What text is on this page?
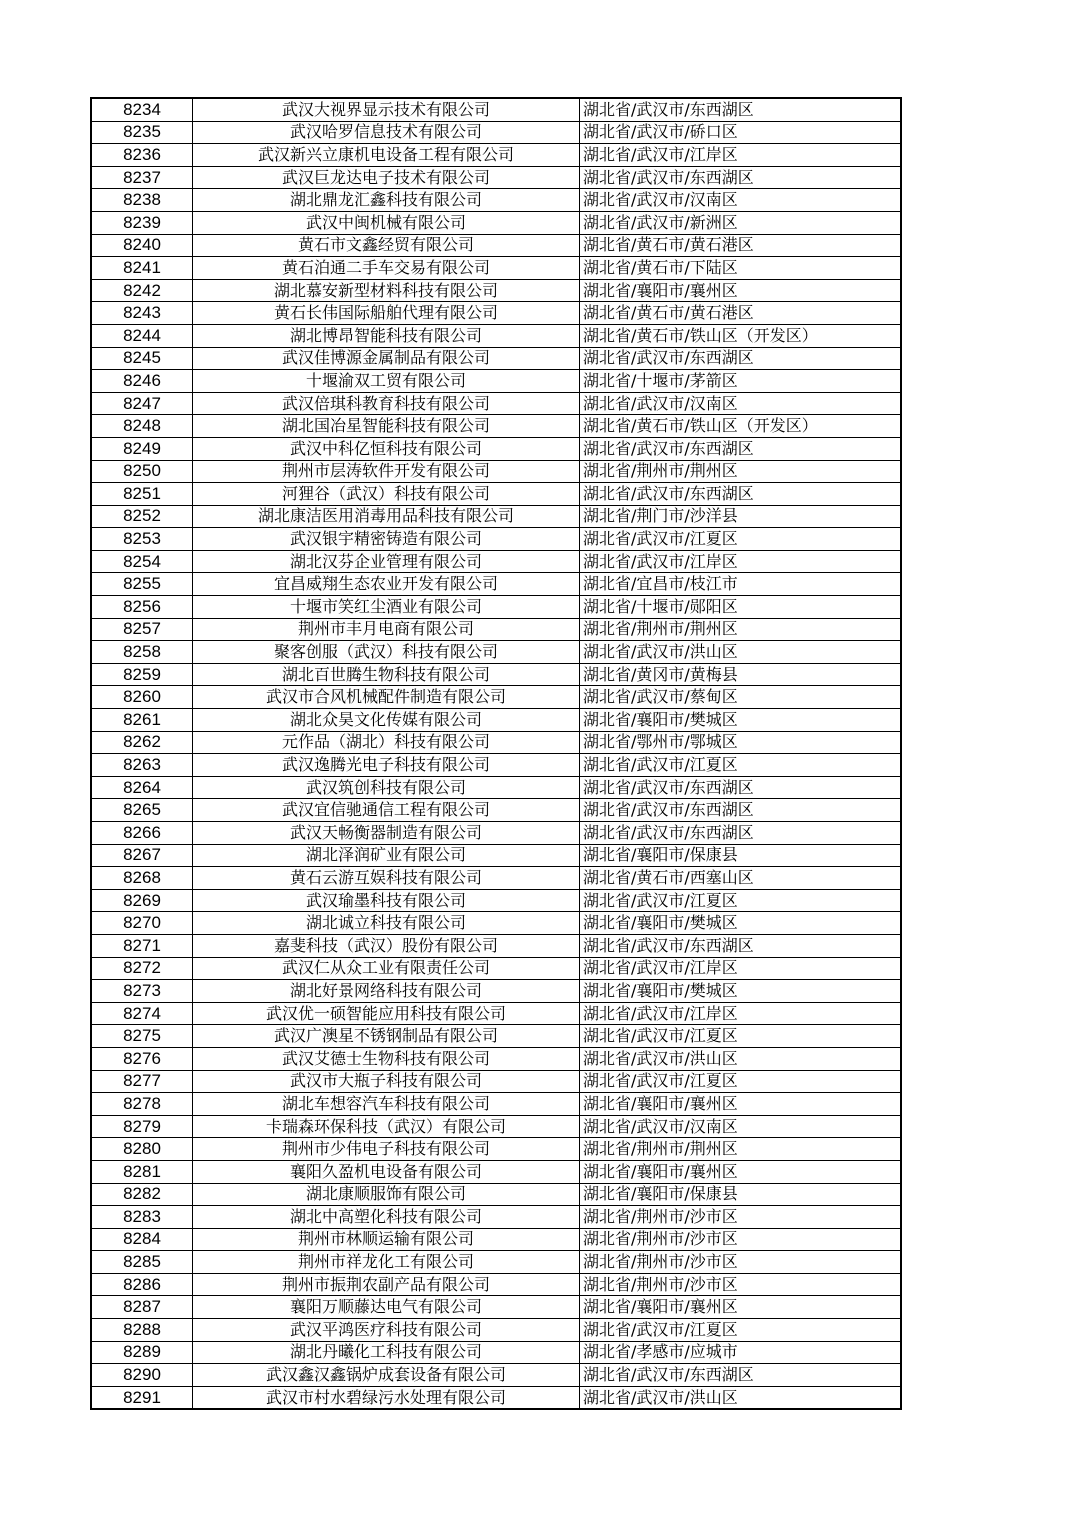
8234	武汉大视界显示技术有限公司	湖北省/武汉市/东西湖区
8235	武汉哈罗信息技术有限公司	湖北省/武汉市/硚口区
8236	武汉新兴立康机电设备工程有限公司	湖北省/武汉市/江岸区
8237	武汉巨龙达电子技术有限公司	湖北省/武汉市/东西湖区
8238	湖北鼎龙汇鑫科技有限公司	湖北省/武汉市/汉南区
8239	武汉中闽机械有限公司	湖北省/武汉市/新洲区
8240	黄石市文鑫经贸有限公司	湖北省/黄石市/黄石港区
8241	黄石泊通二手车交易有限公司	湖北省/黄石市/下陆区
8242	湖北慕安新型材料科技有限公司	湖北省/襄阳市/襄州区
8243	黄石长伟国际船舶代理有限公司	湖北省/黄石市/黄石港区
8244	湖北博昂智能科技有限公司	湖北省/黄石市/铁山区（开发区）
8245	武汉佳博源金属制品有限公司	湖北省/武汉市/东西湖区
8246	十堰渝双工贸有限公司	湖北省/十堰市/茅箭区
8247	武汉倍琪科教育科技有限公司	湖北省/武汉市/汉南区
8248	湖北国冶星智能科技有限公司	湖北省/黄石市/铁山区（开发区）
8249	武汉中科亿恒科技有限公司	湖北省/武汉市/东西湖区
8250	荆州市层涛软件开发有限公司	湖北省/荆州市/荆州区
8251	河狸谷（武汉）科技有限公司	湖北省/武汉市/东西湖区
8252	湖北康洁医用消毒用品科技有限公司	湖北省/荆门市/沙洋县
8253	武汉银宇精密铸造有限公司	湖北省/武汉市/江夏区
8254	湖北汉芬企业管理有限公司	湖北省/武汉市/江岸区
8255	宜昌威翔生态农业开发有限公司	湖北省/宜昌市/枝江市
8256	十堰市笑红尘酒业有限公司	湖北省/十堰市/郧阳区
8257	荆州市丰月电商有限公司	湖北省/荆州市/荆州区
8258	聚客创服（武汉）科技有限公司	湖北省/武汉市/洪山区
8259	湖北百世腾生物科技有限公司	湖北省/黄冈市/黄梅县
8260	武汉市合风机械配件制造有限公司	湖北省/武汉市/蔡甸区
8261	湖北众昊文化传媒有限公司	湖北省/襄阳市/樊城区
8262	元作品（湖北）科技有限公司	湖北省/鄂州市/鄂城区
8263	武汉逸腾光电子科技有限公司	湖北省/武汉市/江夏区
8264	武汉筑创科技有限公司	湖北省/武汉市/东西湖区
8265	武汉宜信驰通信工程有限公司	湖北省/武汉市/东西湖区
8266	武汉天畅衡器制造有限公司	湖北省/武汉市/东西湖区
8267	湖北泽润矿业有限公司	湖北省/襄阳市/保康县
8268	黄石云游互娱科技有限公司	湖北省/黄石市/西塞山区
8269	武汉瑜墨科技有限公司	湖北省/武汉市/江夏区
8270	湖北诚立科技有限公司	湖北省/襄阳市/樊城区
8271	嘉斐科技（武汉）股份有限公司	湖北省/武汉市/东西湖区
8272	武汉仁从众工业有限责任公司	湖北省/武汉市/江岸区
8273	湖北好景网络科技有限公司	湖北省/襄阳市/樊城区
8274	武汉优一硕智能应用科技有限公司	湖北省/武汉市/江岸区
8275	武汉广澳星不锈钢制品有限公司	湖北省/武汉市/江夏区
8276	武汉艾德士生物科技有限公司	湖北省/武汉市/洪山区
8277	武汉市大瓶子科技有限公司	湖北省/武汉市/江夏区
8278	湖北车想容汽车科技有限公司	湖北省/襄阳市/襄州区
8279	卡瑞森环保科技（武汉）有限公司	湖北省/武汉市/汉南区
8280	荆州市少伟电子科技有限公司	湖北省/荆州市/荆州区
8281	襄阳久盈机电设备有限公司	湖北省/襄阳市/襄州区
8282	湖北康顺服饰有限公司	湖北省/襄阳市/保康县
8283	湖北中高塑化科技有限公司	湖北省/荆州市/沙市区
8284	荆州市林顺运输有限公司	湖北省/荆州市/沙市区
8285	荆州市祥龙化工有限公司	湖北省/荆州市/沙市区
8286	荆州市振荆农副产品有限公司	湖北省/荆州市/沙市区
8287	襄阳万顺藤达电气有限公司	湖北省/襄阳市/襄州区
8288	武汉平鸿医疗科技有限公司	湖北省/武汉市/江夏区
8289	湖北丹曦化工科技有限公司	湖北省/孝感市/应城市
8290	武汉鑫汉鑫锅炉成套设备有限公司	湖北省/武汉市/东西湖区
8291	武汉市村水碧绿污水处理有限公司	湖北省/武汉市/洪山区
